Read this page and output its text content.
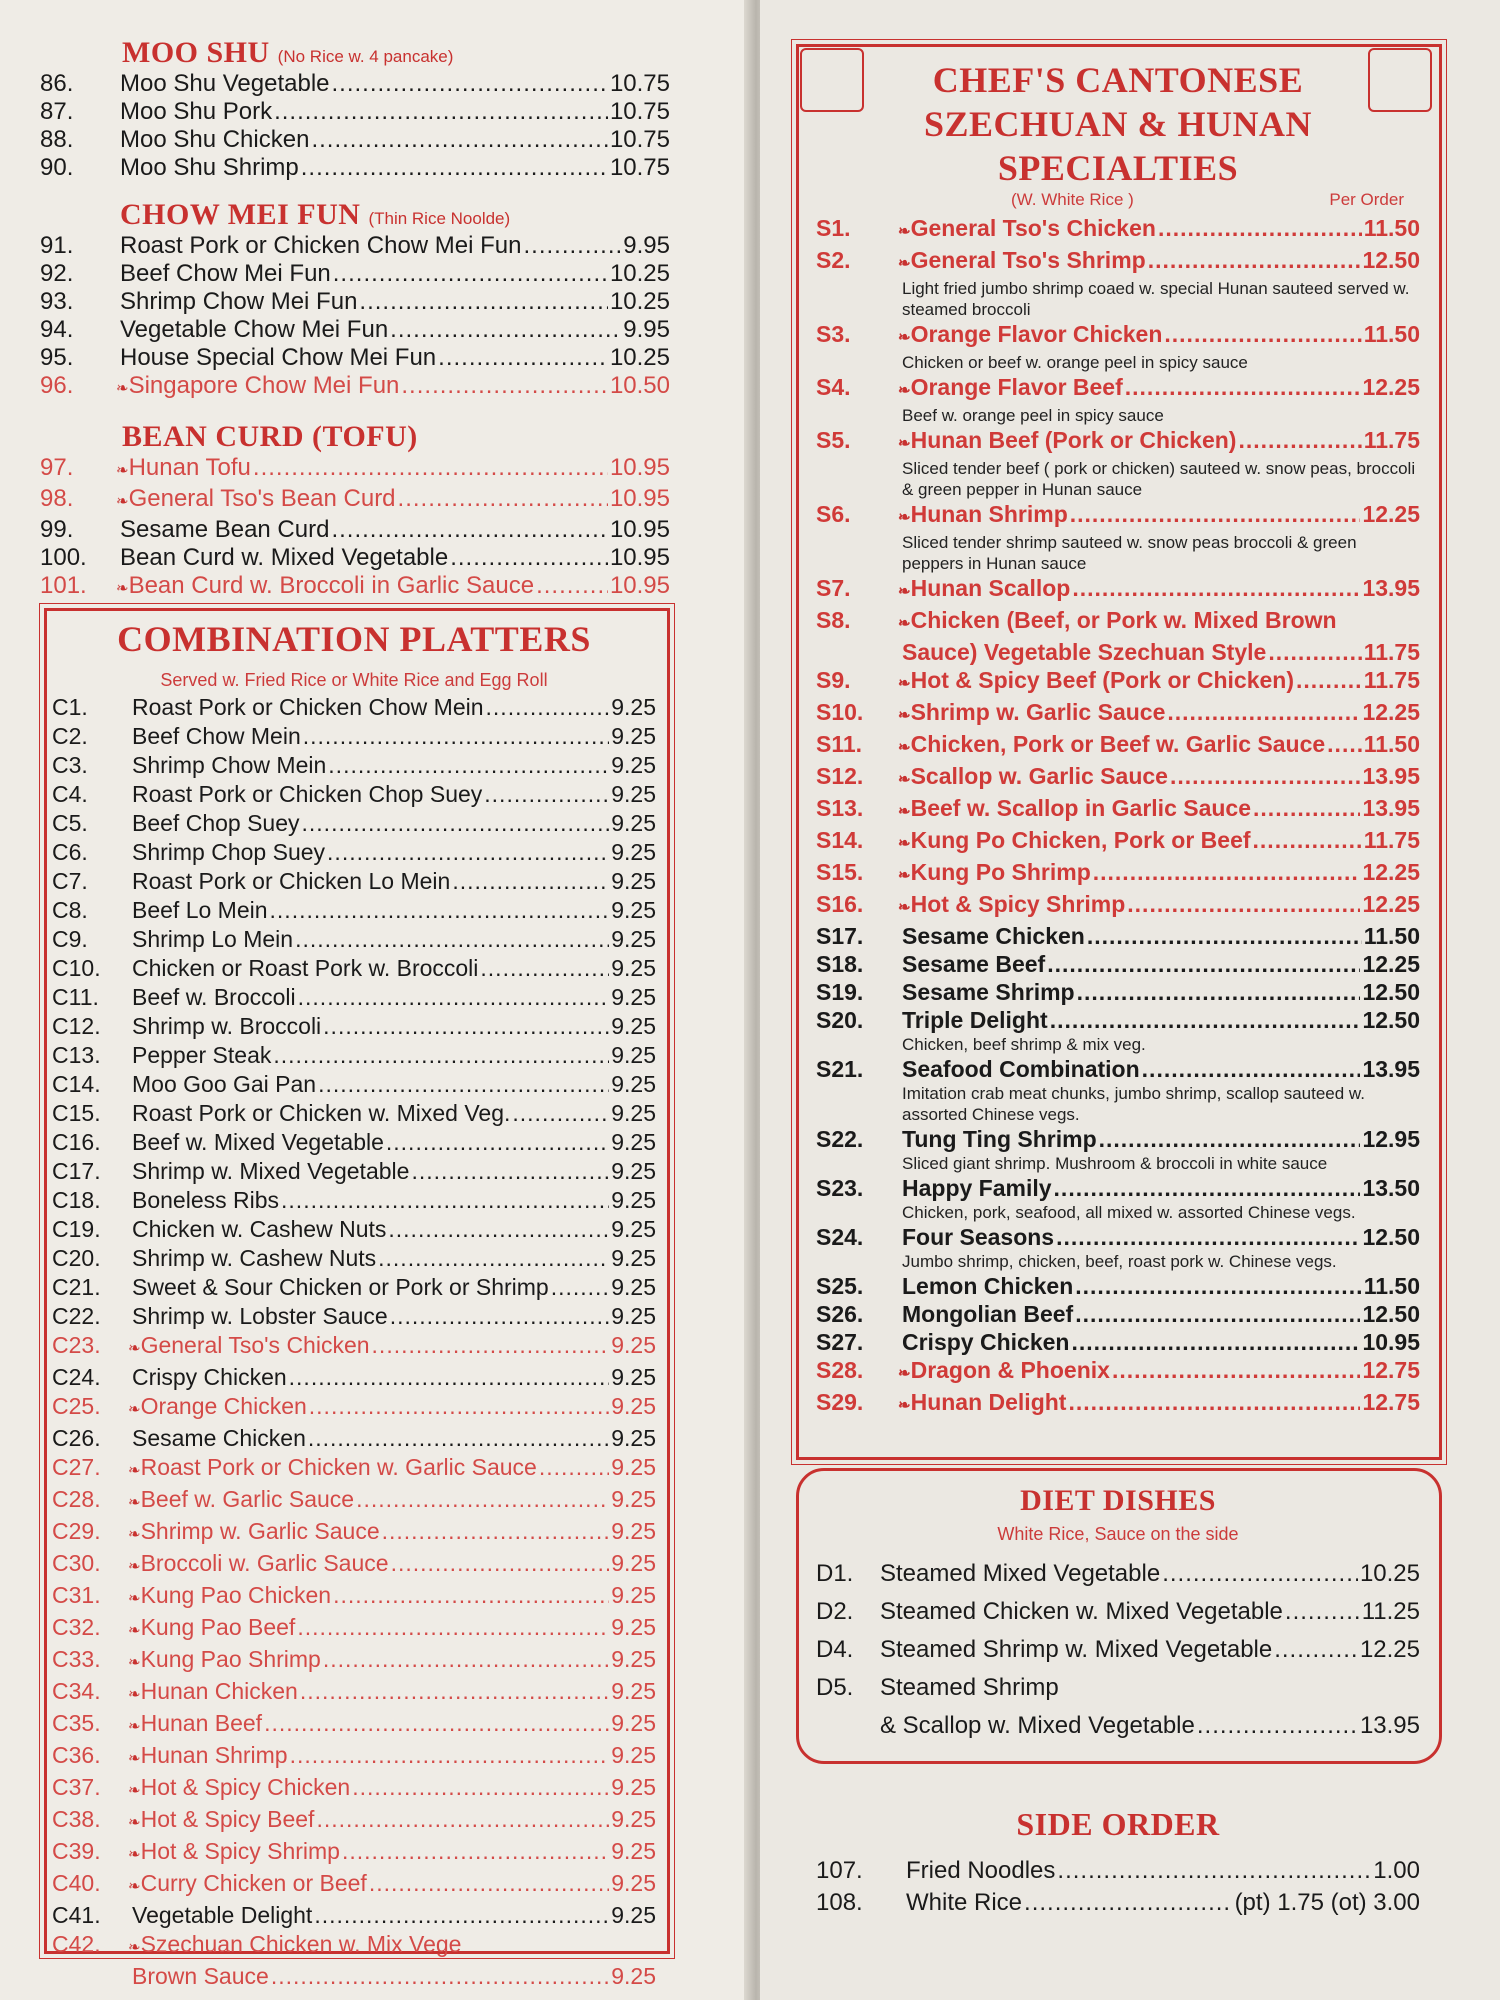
MOO SHU (No Rice w. 4 pancake)
86.	Moo Shu Vegetable .....	10.75
87.	Moo Shu Pork .....	10.75
88.	Moo Shu Chicken .....	10.75
90.	Moo Shu Shrimp .....	10.75
CHOW MEI FUN (Thin Rice Noolde)
91.	Roast Pork or Chicken Chow Mei Fun .....	9.95
92.	Beef Chow Mei Fun .....	10.25
93.	Shrimp Chow Mei Fun .....	10.25
94.	Vegetable Chow Mei Fun .....	9.95
95.	House Special Chow Mei Fun .....	10.25
96.	❧ Singapore Chow Mei Fun .....	10.50
BEAN CURD (TOFU)
97.	❧ Hunan Tofu .....	10.95
98.	❧ General Tso's Bean Curd .....	10.95
99.	Sesame Bean Curd .....	10.95
100.	Bean Curd w. Mixed Vegetable .....	10.95
101.	❧ Bean Curd w. Broccoli in Garlic Sauce .....	10.95
COMBINATION PLATTERS
Served w. Fried Rice or White Rice and Egg Roll
C1.	Roast Pork or Chicken Chow Mein .....	9.25
C2.	Beef Chow Mein .....	9.25
C3.	Shrimp Chow Mein .....	9.25
C4.	Roast Pork or Chicken Chop Suey .....	9.25
C5.	Beef Chop Suey .....	9.25
C6.	Shrimp Chop Suey .....	9.25
C7.	Roast Pork or Chicken Lo Mein .....	9.25
C8.	Beef Lo Mein .....	9.25
C9.	Shrimp Lo Mein .....	9.25
C10.	Chicken or Roast Pork w. Broccoli .....	9.25
C11.	Beef w. Broccoli .....	9.25
C12.	Shrimp w. Broccoli .....	9.25
C13.	Pepper Steak .....	9.25
C14.	Moo Goo Gai Pan .....	9.25
C15.	Roast Pork or Chicken w. Mixed Veg. .....	9.25
C16.	Beef w. Mixed Vegetable .....	9.25
C17.	Shrimp w. Mixed Vegetable .....	9.25
C18.	Boneless Ribs .....	9.25
C19.	Chicken w. Cashew Nuts .....	9.25
C20.	Shrimp w. Cashew Nuts .....	9.25
C21.	Sweet & Sour Chicken or Pork or Shrimp .....	9.25
C22.	Shrimp w. Lobster Sauce .....	9.25
C23.	❧ General Tso's Chicken .....	9.25
C24.	Crispy Chicken .....	9.25
C25.	❧ Orange Chicken .....	9.25
C26.	Sesame Chicken .....	9.25
C27.	❧ Roast Pork or Chicken w. Garlic Sauce .....	9.25
C28.	❧ Beef w. Garlic Sauce .....	9.25
C29.	❧ Shrimp w. Garlic Sauce .....	9.25
C30.	❧ Broccoli w. Garlic Sauce .....	9.25
C31.	❧ Kung Pao Chicken .....	9.25
C32.	❧ Kung Pao Beef .....	9.25
C33.	❧ Kung Pao Shrimp .....	9.25
C34.	❧ Hunan Chicken .....	9.25
C35.	❧ Hunan Beef .....	9.25
C36.	❧ Hunan Shrimp .....	9.25
C37.	❧ Hot & Spicy Chicken .....	9.25
C38.	❧ Hot & Spicy Beef .....	9.25
C39.	❧ Hot & Spicy Shrimp .....	9.25
C40.	❧ Curry Chicken or Beef .....	9.25
C41.	Vegetable Delight .....	9.25
C42.	❧ Szechuan Chicken w. Mix Vege
Brown Sauce .....	9.25
CHEF'S CANTONESE
SZECHUAN & HUNAN
SPECIALTIES
(W. White Rice )	Per Order
S1.	❧ General Tso's Chicken .....	11.50
S2.	❧ General Tso's Shrimp .....	12.50
Light fried jumbo shrimp coaed w. special Hunan sauteed served w. steamed broccoli
S3.	❧ Orange Flavor Chicken .....	11.50
Chicken or beef w. orange peel in spicy sauce
S4.	❧ Orange Flavor Beef .....	12.25
Beef w. orange peel in spicy sauce
S5.	❧ Hunan Beef (Pork or Chicken) .....	11.75
Sliced tender beef ( pork or chicken) sauteed w. snow peas, broccoli & green pepper in Hunan sauce
S6.	❧ Hunan Shrimp .....	12.25
Sliced tender shrimp sauteed w. snow peas broccoli & green peppers in Hunan sauce
S7.	❧ Hunan Scallop .....	13.95
S8.	❧ Chicken (Beef, or Pork w. Mixed Brown
Sauce) Vegetable Szechuan Style .....	11.75
S9.	❧ Hot & Spicy Beef (Pork or Chicken) .....	11.75
S10.	❧ Shrimp w. Garlic Sauce .....	12.25
S11.	❧ Chicken, Pork or Beef w. Garlic Sauce ..... 11.50
S12.	❧ Scallop w. Garlic Sauce .....	13.95
S13.	❧ Beef w. Scallop in Garlic Sauce .....	13.95
S14.	❧ Kung Po Chicken, Pork or Beef .....	11.75
S15.	❧ Kung Po Shrimp .....	12.25
S16.	❧ Hot & Spicy Shrimp .....	12.25
S17.	Sesame Chicken .....	11.50
S18.	Sesame Beef .....	12.25
S19.	Sesame Shrimp .....	12.50
S20.	Triple Delight .....	12.50
Chicken, beef shrimp & mix veg.
S21.	Seafood Combination .....	13.95
Imitation crab meat chunks, jumbo shrimp, scallop sauteed w. assorted Chinese vegs.
S22.	Tung Ting Shrimp .....	12.95
Sliced giant shrimp. Mushroom & broccoli in white sauce
S23.	Happy Family .....	13.50
Chicken, pork, seafood, all mixed w. assorted Chinese vegs.
S24.	Four Seasons .....	12.50
Jumbo shrimp, chicken, beef, roast pork w. Chinese vegs.
S25.	Lemon Chicken .....	11.50
S26.	Mongolian Beef .....	12.50
S27.	Crispy Chicken .....	10.95
S28.	❧ Dragon & Phoenix .....	12.75
S29.	❧ Hunan Delight .....	12.75
DIET DISHES
White Rice, Sauce on the side
D1.	Steamed Mixed Vegetable .....	10.25
D2.	Steamed Chicken w. Mixed Vegetable .....	11.25
D4.	Steamed Shrimp w. Mixed Vegetable .....	12.25
D5.	Steamed Shrimp
& Scallop w. Mixed Vegetable .....	13.95
SIDE ORDER
107.	Fried Noodles .....	1.00
108.	White Rice .....	(pt) 1.75 (ot) 3.00
